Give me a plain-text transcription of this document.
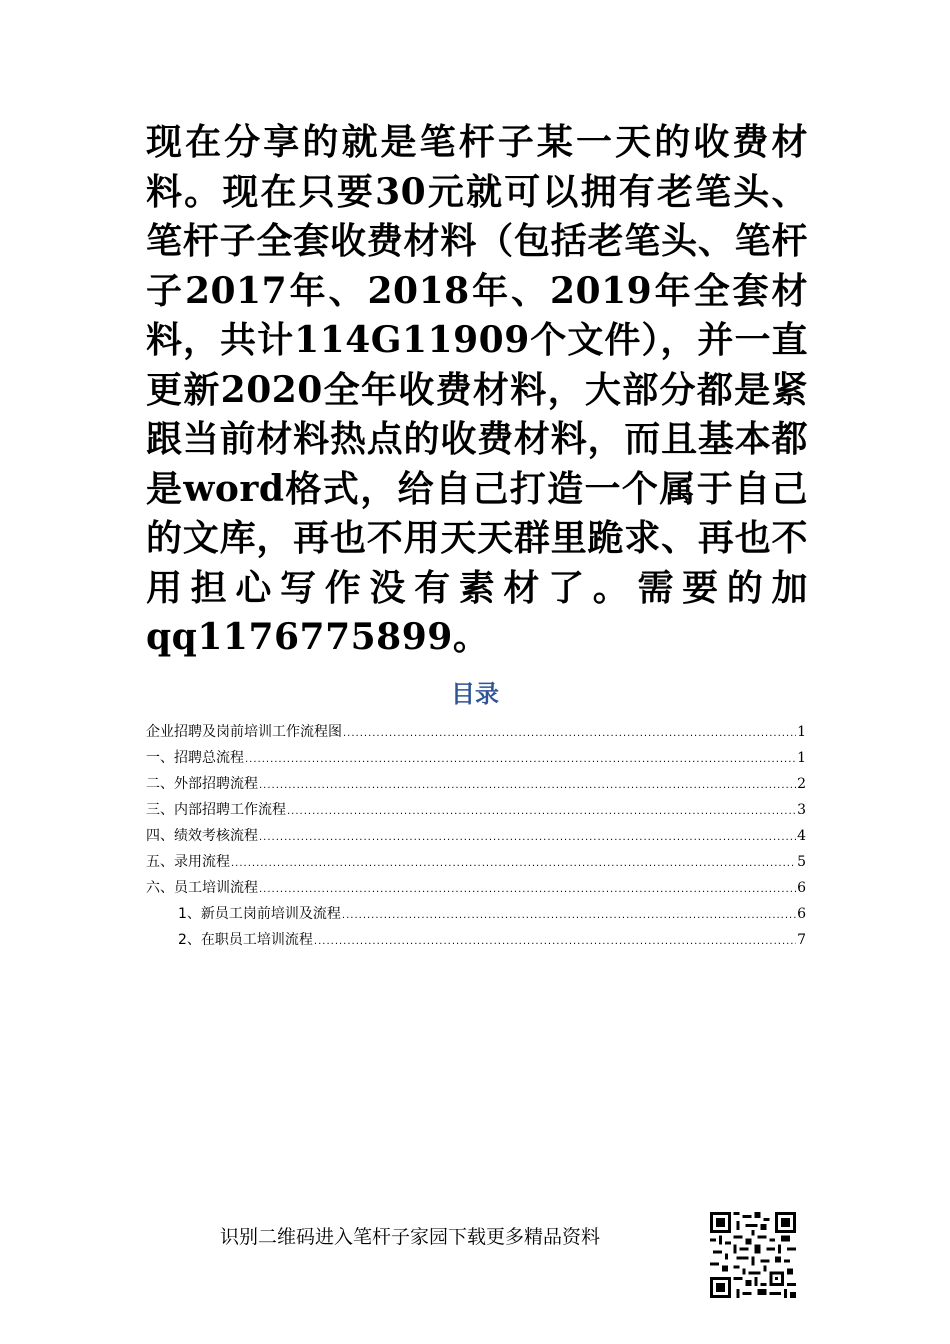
现在分享的就是笔杆子某一天的收费材料。现在只要30元就可以拥有老笔头、笔杆子全套收费材料（包括老笔头、笔杆子2017年、2018年、2019年全套材料，共计114G11909个文件），并一直更新2020全年收费材料，大部分都是紧跟当前材料热点的收费材料，而且基本都是word格式，给自己打造一个属于自己的文库，再也不用天天群里跪求、再也不用担心写作没有素材了。需要的加qq1176775899。

目录
企业招聘及岗前培训工作流程图 .....	1
一、招聘总流程 .....	1
二、外部招聘流程 .....	2
三、内部招聘工作流程 .....	3
四、绩效考核流程 .....	4
五、录用流程 .....	5
六、员工培训流程 .....	6
1、新员工岗前培训及流程 .....	6
2、在职员工培训流程 .....	7

识别二维码进入笔杆子家园下载更多精品资料
